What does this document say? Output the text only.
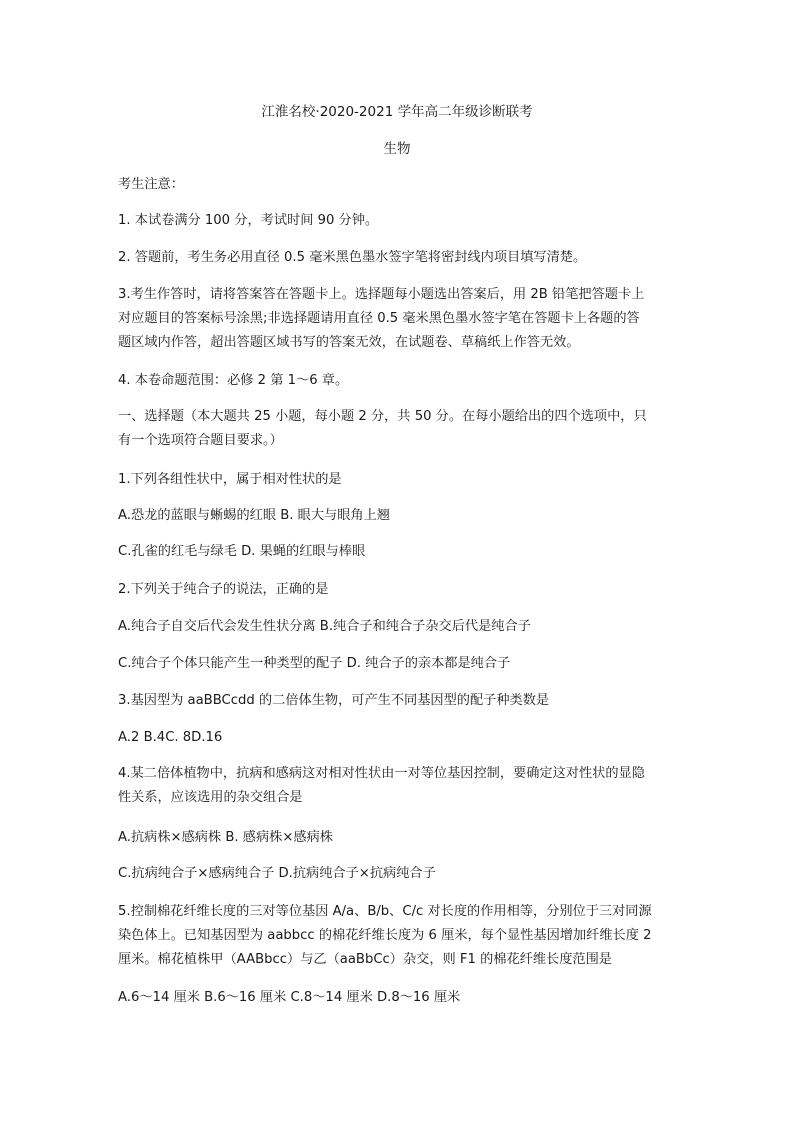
江淮名校·2020-2021 学年高二年级诊断联考
生物
考生注意：
1. 本试卷满分 100 分，考试时间 90 分钟。
2. 答题前，考生务必用直径 0.5 毫米黑色墨水签字笔将密封线内项目填写清楚。
3.考生作答时，请将答案答在答题卡上。选择题每小题选出答案后，用 2B 铅笔把答题卡上
对应题目的答案标号涂黑;非选择题请用直径 0.5 毫米黑色墨水签字笔在答题卡上各题的答
题区域内作答，超出答题区域书写的答案无效，在试题卷、草稿纸上作答无效。
4. 本卷命题范围：必修 2 第 1～6 章。
一、选择题（本大题共 25 小题，每小题 2 分，共 50 分。在每小题给出的四个选项中，只
有一个选项符合题目要求。）
1.下列各组性状中，属于相对性状的是
A.恐龙的蓝眼与蜥蜴的红眼 B. 眼大与眼角上翘
C.孔雀的红毛与绿毛 D. 果蝇的红眼与棒眼
2.下列关于纯合子的说法，正确的是
A.纯合子自交后代会发生性状分离 B.纯合子和纯合子杂交后代是纯合子
C.纯合子个体只能产生一种类型的配子 D. 纯合子的亲本都是纯合子
3.基因型为 aaBBCcdd 的二倍体生物，可产生不同基因型的配子种类数是
A.2 B.4C. 8D.16
4.某二倍体植物中，抗病和感病这对相对性状由一对等位基因控制，要确定这对性状的显隐
性关系，应该选用的杂交组合是
A.抗病株×感病株 B. 感病株×感病株
C.抗病纯合子×感病纯合子 D.抗病纯合子×抗病纯合子
5.控制棉花纤维长度的三对等位基因 A/a、B/b、C/c 对长度的作用相等，分别位于三对同源
染色体上。已知基因型为 aabbcc 的棉花纤维长度为 6 厘米，每个显性基因增加纤维长度 2
厘米。棉花植株甲（AABbcc）与乙（aaBbCc）杂交，则 F1 的棉花纤维长度范围是
A.6～14 厘米 B.6～16 厘米 C.8～14 厘米 D.8～16 厘米
